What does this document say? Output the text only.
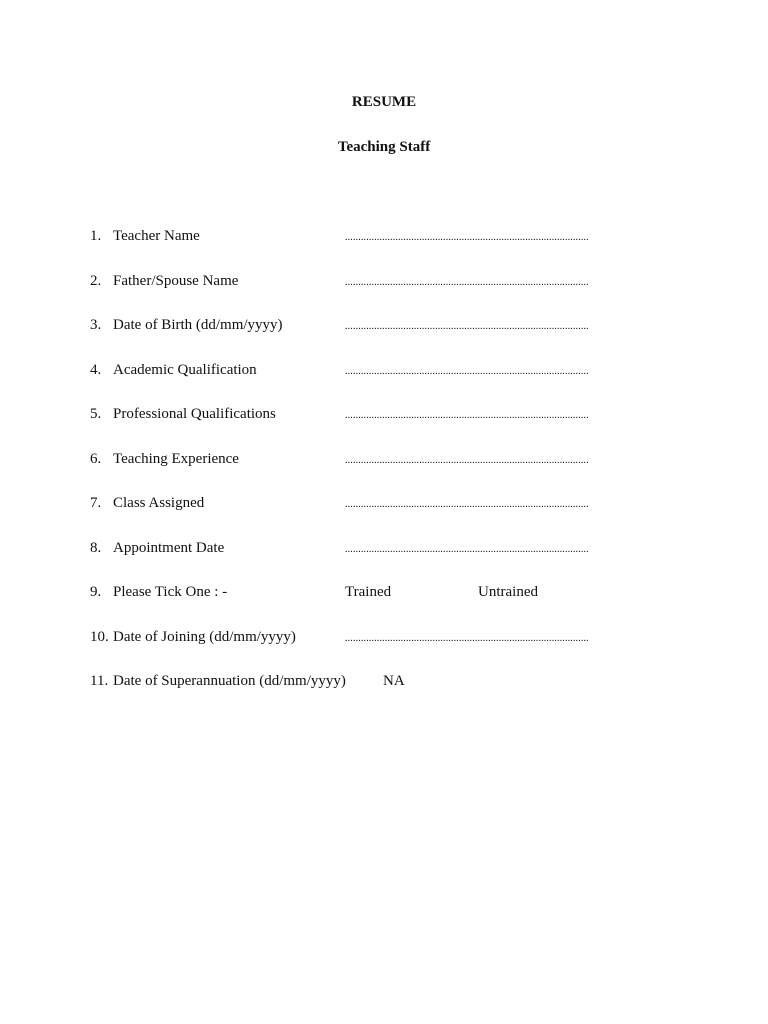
RESUME
Teaching Staff
1. Teacher Name	............................................................................................
2. Father/Spouse Name	............................................................................................
3. Date of Birth (dd/mm/yyyy)	............................................................................................
4. Academic Qualification	............................................................................................
5. Professional Qualifications	............................................................................................
6. Teaching Experience	............................................................................................
7. Class Assigned	............................................................................................
8. Appointment Date	............................................................................................
9. Please Tick One : -	Trained	Untrained
10. Date of Joining (dd/mm/yyyy)	............................................................................................
11. Date of Superannuation (dd/mm/yyyy) NA
